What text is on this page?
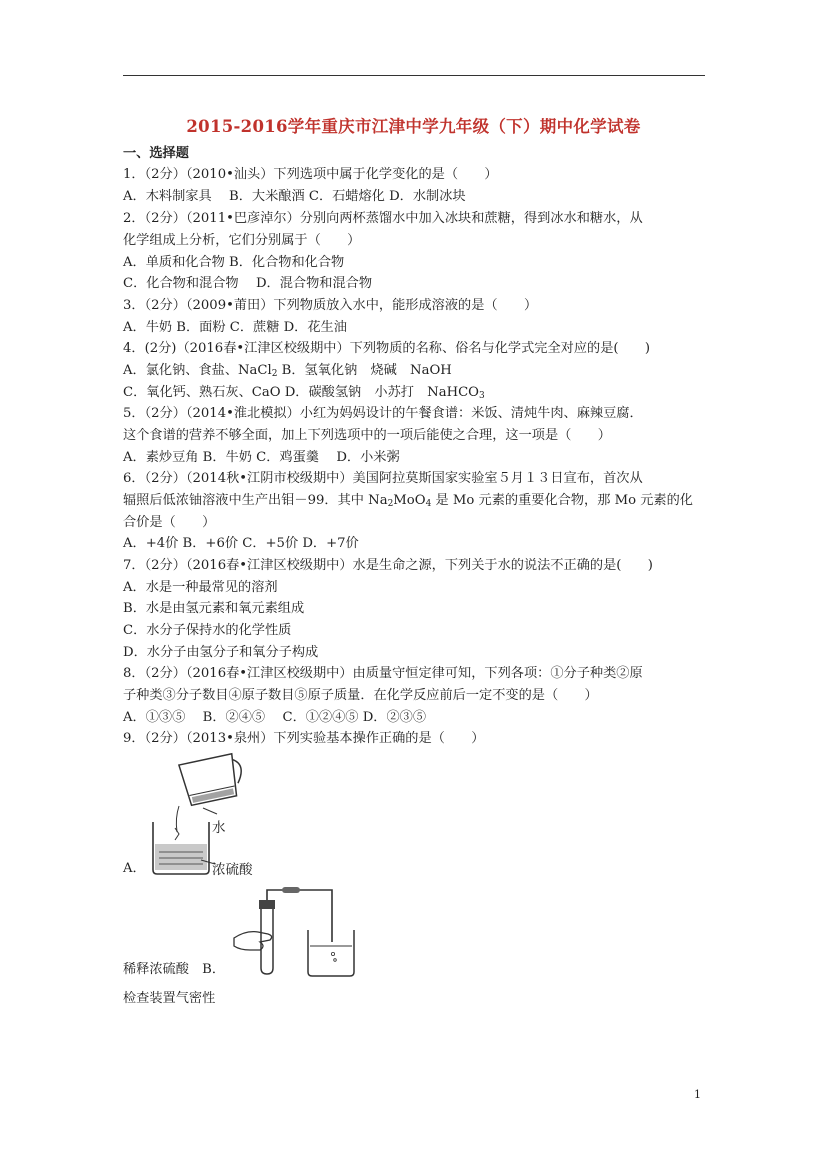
2015-2016学年重庆市江津中学九年级（下）期中化学试卷
一、选择题
1．（2分）（2010•汕头）下列选项中属于化学变化的是（　　）
A．木料制家具　 B．大米酿酒 C．石蜡熔化 D．水制冰块
2．（2分）（2011•巴彦淖尔）分别向两杯蒸馏水中加入冰块和蔗糖，得到冰水和糖水，从
化学组成上分析，它们分别属于（　　）
A．单质和化合物 B．化合物和化合物
C．化合物和混合物　 D．混合物和混合物
3．（2分）（2009•莆田）下列物质放入水中，能形成溶液的是（　　）
A．牛奶 B．面粉 C．蔗糖 D．花生油
4．(2分)（2016春•江津区校级期中）下列物质的名称、俗名与化学式完全对应的是(　　)
A．氯化钠、食盐、NaCl$_2$ B．氢氧化钠　烧碱　NaOH
C．氧化钙、熟石灰、CaO D．碳酸氢钠　小苏打　NaHCO$_3$
5．（2分）（2014•淮北模拟）小红为妈妈设计的午餐食谱：米饭、清炖牛肉、麻辣豆腐．
这个食谱的营养不够全面，加上下列选项中的一项后能使之合理，这一项是（　　）
A．素炒豆角 B．牛奶 C．鸡蛋羹　 D．小米粥
6．（2分）（2014秋•江阴市校级期中）美国阿拉莫斯国家实验室５月１３日宣布，首次从
辐照后低浓铀溶液中生产出钼－99．其中 $Na_2MoO_4$ 是 Mo 元素的重要化合物，那 Mo 元素的化
合价是（　　）
A．+4价 B．+6价 C．+5价 D．+7价
7．（2分）（2016春•江津区校级期中）水是生命之源，下列关于水的说法不正确的是(　　)
A．水是一种最常见的溶剂
B．水是由氢元素和氧元素组成
C．水分子保持水的化学性质
D．水分子由氢分子和氧分子构成
8．（2分）（2016春•江津区校级期中）由质量守恒定律可知，下列各项：①分子种类②原
子种类③分子数目④原子数目⑤原子质量．在化学反应前后一定不变的是（　　）
A．①③⑤　 B．②④⑤　 C．①②④⑤ D．②③⑤
9．（2分）（2013•泉州）下列实验基本操作正确的是（　　）
水
浓硫酸
A．
稀释浓硫酸　B．
检查装置气密性
1
